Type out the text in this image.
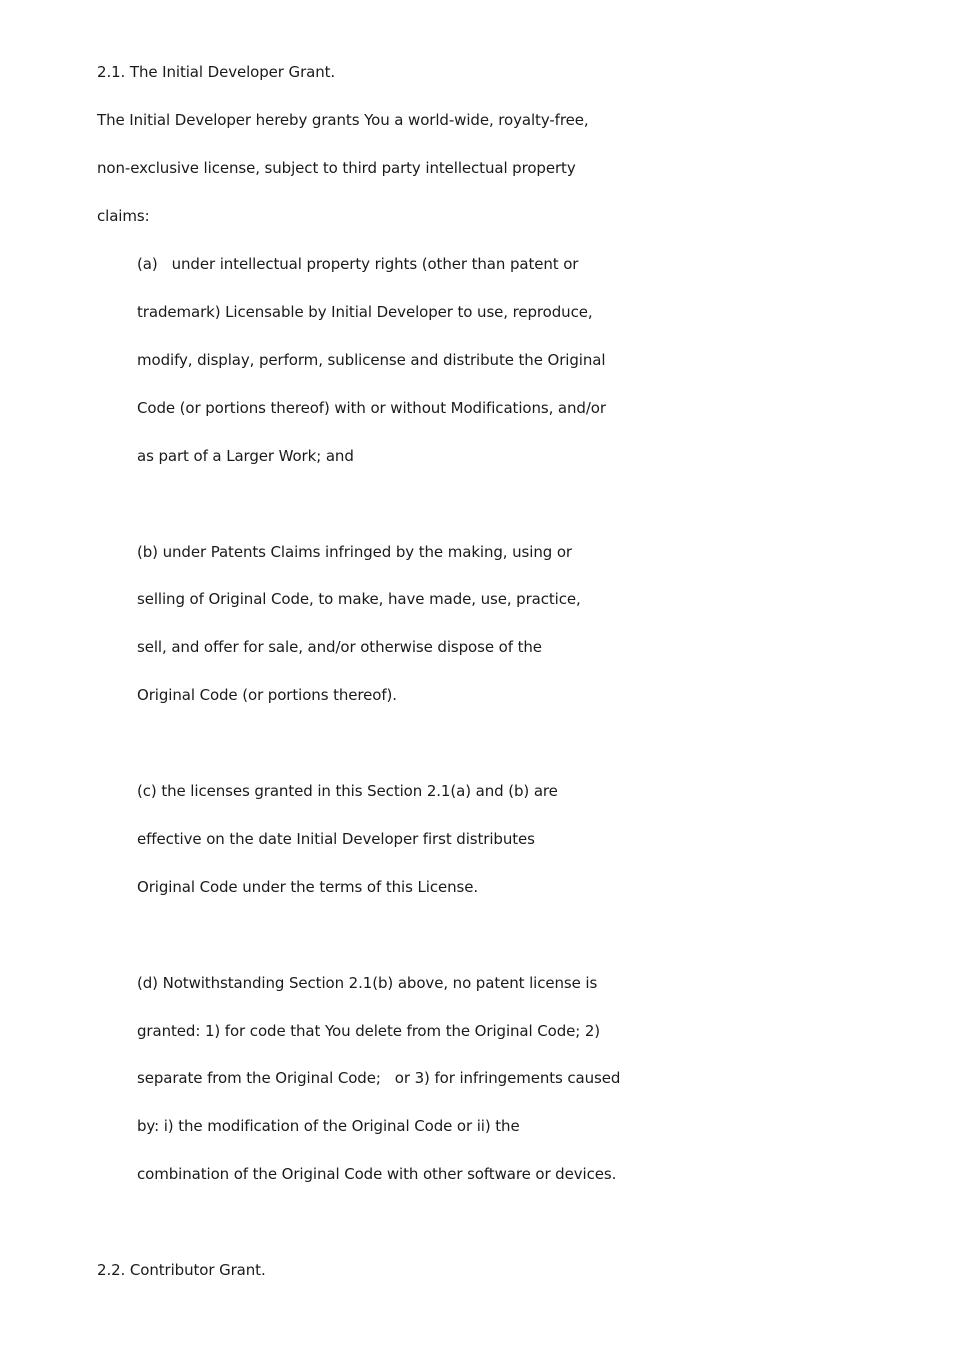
2.1. The Initial Developer Grant.
The Initial Developer hereby grants You a world-wide, royalty-free,
non-exclusive license, subject to third party intellectual property
claims:
(a)   under intellectual property rights (other than patent or
trademark) Licensable by Initial Developer to use, reproduce,
modify, display, perform, sublicense and distribute the Original
Code (or portions thereof) with or without Modifications, and/or
as part of a Larger Work; and
(b) under Patents Claims infringed by the making, using or
selling of Original Code, to make, have made, use, practice,
sell, and offer for sale, and/or otherwise dispose of the
Original Code (or portions thereof).
(c) the licenses granted in this Section 2.1(a) and (b) are
effective on the date Initial Developer first distributes
Original Code under the terms of this License.
(d) Notwithstanding Section 2.1(b) above, no patent license is
granted: 1) for code that You delete from the Original Code; 2)
separate from the Original Code;   or 3) for infringements caused
by: i) the modification of the Original Code or ii) the
combination of the Original Code with other software or devices.
2.2. Contributor Grant.
